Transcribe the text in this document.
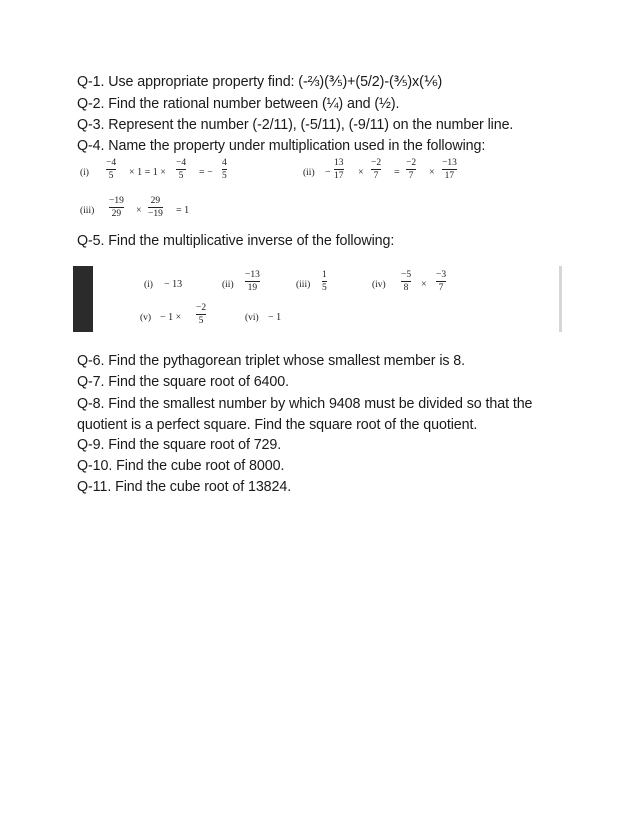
Q-1. Use appropriate property find: (-⅔)(⅗)+(5/2)-(⅗)x(⅙)
Q-2. Find the rational number between (¼) and (½).
Q-3. Represent the number (-2/11), (-5/11), (-9/11) on the number line.
Q-4. Name the property under multiplication used in the following:
(i)
−4
5 × 1 = 1 ×
−4
5 = −
4
5	(ii) −
13
17 ×
−2
7 =
−2
7 ×
−13
17
(iii)
−19
29 ×
29
−19 = 1
Q-5. Find the multiplicative inverse of the following:
(i) − 13	(ii)
−13
19	(iii)
1
5	(iv)
−5
8 ×
−3
7
(v) − 1 ×
−2
5	(vi) − 1
Q-6. Find the pythagorean triplet whose smallest member is 8.
Q-7. Find the square root of 6400.
Q-8. Find the smallest number by which 9408 must be divided so that the quotient is a perfect square. Find the square root of the quotient.
Q-9. Find the square root of 729.
Q-10. Find the cube root of 8000.
Q-11. Find the cube root of 13824.
